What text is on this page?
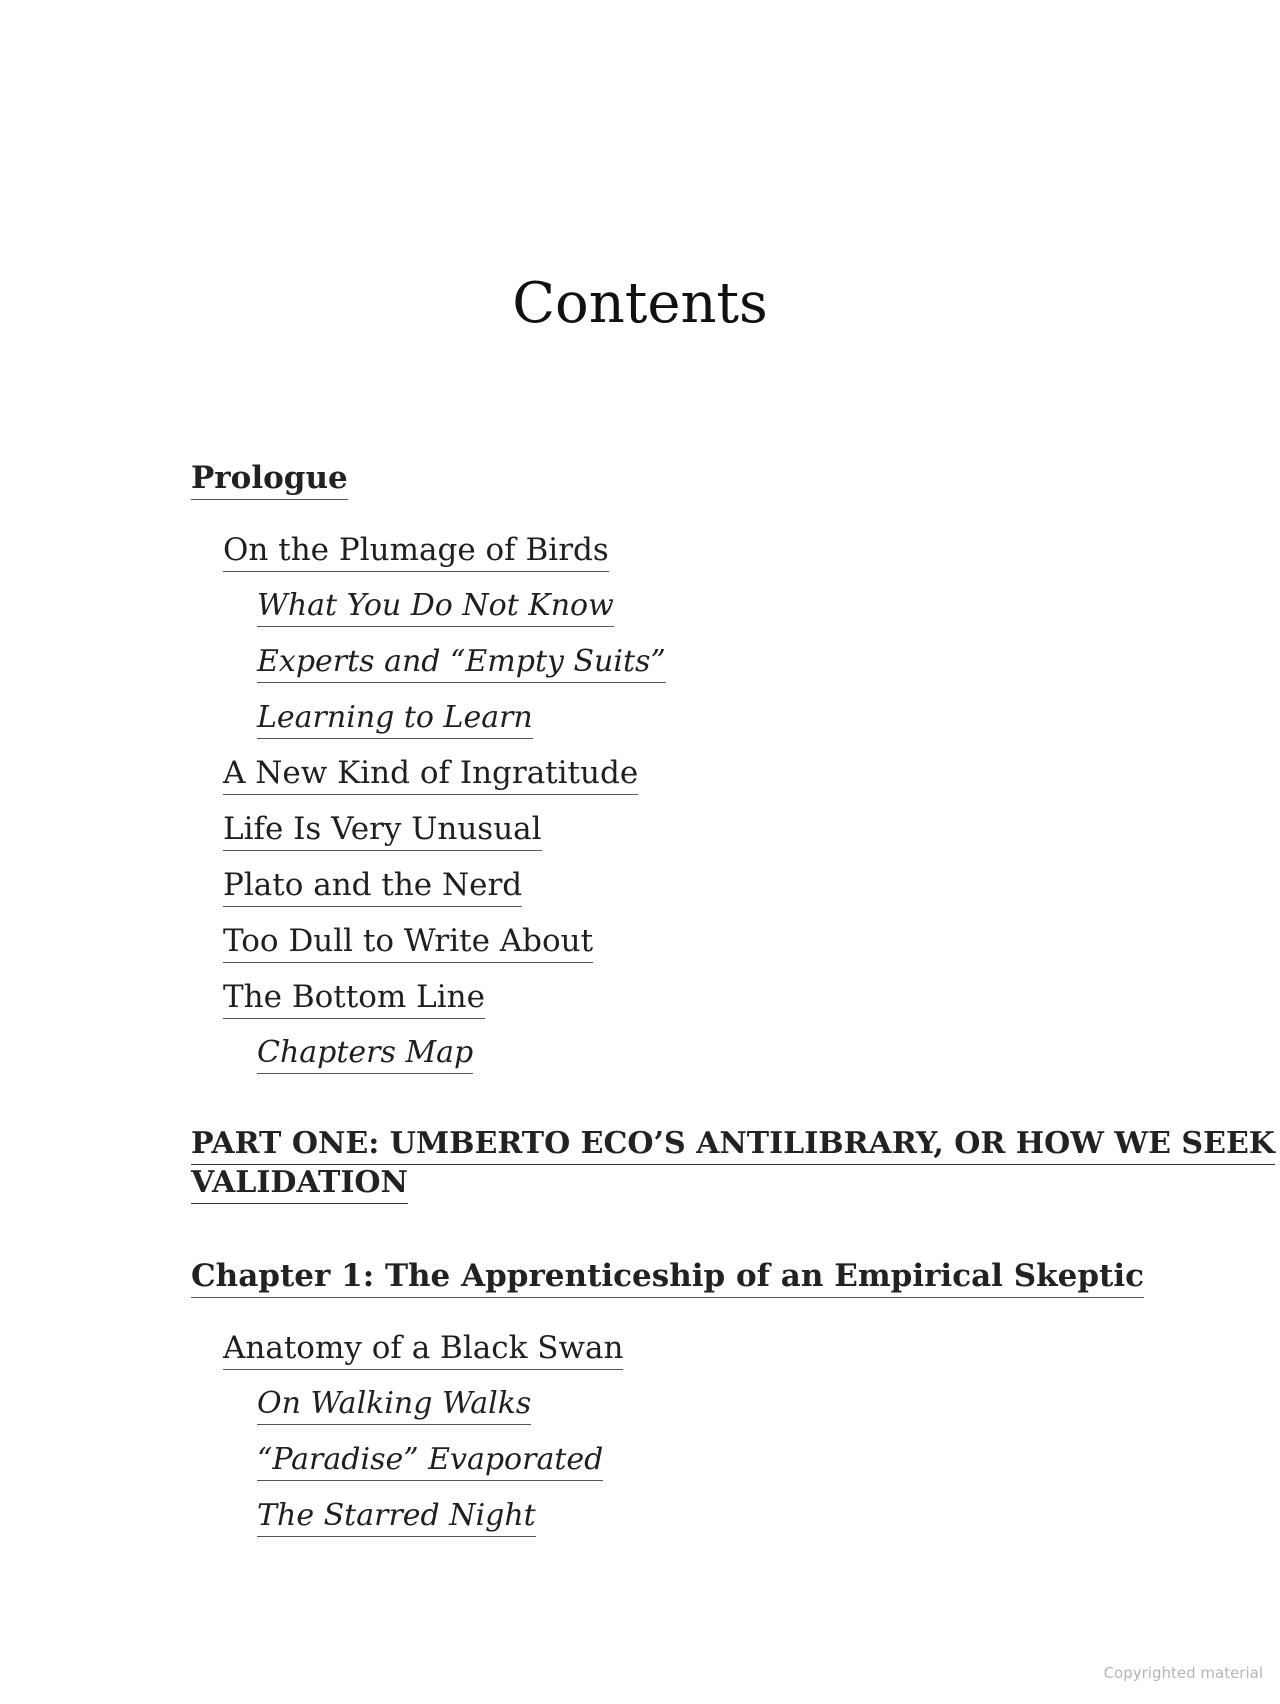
Contents
Prologue
On the Plumage of Birds
What You Do Not Know
Experts and “Empty Suits”
Learning to Learn
A New Kind of Ingratitude
Life Is Very Unusual
Plato and the Nerd
Too Dull to Write About
The Bottom Line
Chapters Map
PART ONE: UMBERTO ECO’S ANTILIBRARY, OR HOW WE SEEK
VALIDATION
Chapter 1: The Apprenticeship of an Empirical Skeptic
Anatomy of a Black Swan
On Walking Walks
“Paradise” Evaporated
The Starred Night
Copyrighted material
